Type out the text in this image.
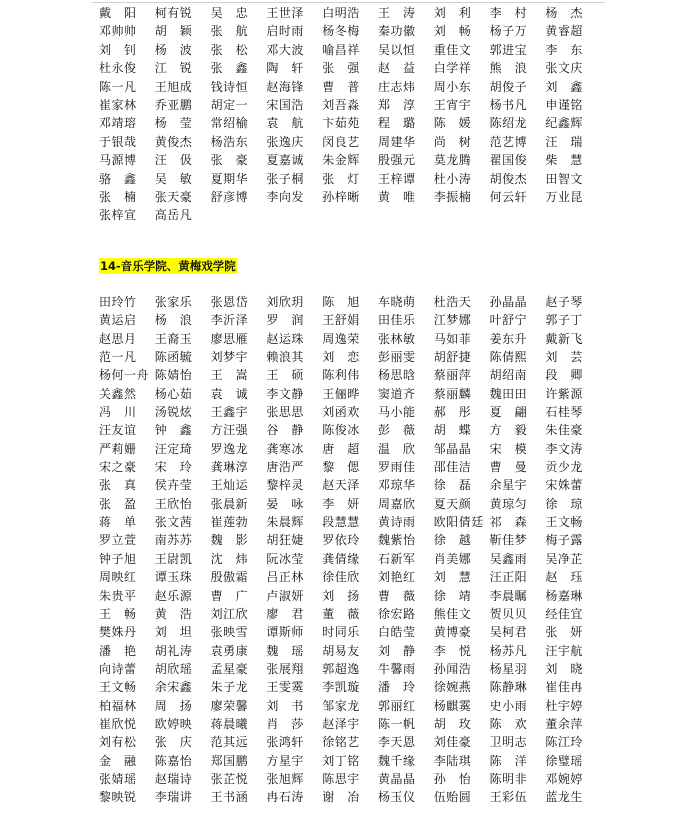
戴 阳	柯有锐	吴 忠	王世泽	白明浩	王 涛	刘 利	李 村	杨 杰
邓帅帅	胡 颖	张 航	启时雨	杨冬梅	秦功徽	刘 畅	杨子万	黄睿超
刘 钊	杨 波	张 松	邓大波	喻昌祥	吴以恒	重佳文	郭进宝	李 东
杜永俊	江 锐	张 鑫	陶 轩	张 强	赵 益	白学祥	熊 浪	张文庆
陈一凡	王旭成	钱诗恒	赵海锋	曹 普	庄志炜	周小东	胡俊子	刘 鑫
崔家林	乔亚鹏	胡定一	宋国浩	刘吾淼	郑 淳	王宵宇	杨书凡	申谨铭
邓靖瑢	杨 莹	常绍榆	袁 航	卞茹苑	程 璐	陈 媛	陈绍龙	纪鑫辉
于银哉	黄俊杰	杨浩东	张逸庆	闵良艺	周建华	尚 树	范艺博	汪 瑞
马源博	汪 伋	张 豪	夏嘉诚	朱金辉	殷强元	莫龙腾	翟国俊	柴 慧
骆 鑫	吴 敏	夏期华	张子桐	张 灯	王梓谭	杜小涛	胡俊杰	田智文
张 楠	张天豪	舒彦博	李向发	孙梓晰	黄 唯	李振楠	何云轩	万业昆
张梓宣	高岳凡
14-音乐学院、黄梅戏学院
田玲竹	张家乐	张恩岱	刘欣玥	陈 旭	车晓萌	杜浩天	孙晶晶	赵子琴
黄运启	杨 浪	李沂泽	罗 润	王舒娟	田佳乐	江梦娜	叶舒宁	郭子丁
赵思月	王裔玉	廖思雁	赵运珠	周逸荣	张林敏	马如菲	姜东升	戴新飞
范一凡	陈函毓	刘梦宇	赖浪其	刘 恋	彭丽雯	胡舒捷	陈倩熙	刘 芸
杨何一舟 陈婧怡	王 嵩	王 硕	陈利伟	杨思晗	蔡丽萍	胡绍南	段 卿
关鑫然	杨心茹	袁 诚	李文静	王俪晔	窦道齐	蔡丽麟	魏田田	许紫源
冯 川	汤锐炫	王鑫宇	张思思	刘函欢	马小能	郝 彤	夏 翩	石桂琴
汪友谊	钟 鑫	方汪强	谷 静	陈俊冰	彭 薇	胡 蝶	方 毅	朱佳豪
严莉姗	汪定琦	罗逸龙	龚寒冰	唐 超	温 欣	邹晶晶	宋 模	李文涛
宋之豪	宋 玲	龚琳淳	唐浩严	黎 偲	罗雨佳	邵佳洁	曹 曼	贡少龙
张 真	侯卉莹	王灿运	黎梓灵	赵天泽	邓琼华	徐 磊	余星宇	宋姝蕾
张 盈	王欣怡	张晨新	晏 咏	李 妍	周嘉欣	夏天颜	黄琼匀	徐 琼
蒋 单	张文茜	崔莲勃	朱晨辉	段慧慧	黄诗雨	欧阳倩廷 祁 森	王文畅
罗立萱	南苏苏	魏 影	胡狂婕	罗依玲	魏紫怡	徐 越	靳佳梦	梅子露
钟子旭	王尉凯	沈 炜	阮冰莹	龚倩缘	石新军	肖美娜	吴鑫雨	吴净芷
周映红	谭玉珠	殷傲霜	吕正林	徐佳欣	刘艳红	刘 慧	汪正阳	赵 珏
朱贵平	赵乐源	曹 广	卢淑妍	刘 扬	曹 薇	徐 靖	李晨瞩	杨嘉琳
王 畅	黄 浩	刘江欣	廖 君	董 薇	徐宏路	熊佳文	贺贝贝	经佳宜
樊姝丹	刘 坦	张映雪	谭斯师	时同乐	白皓莹	黄博豪	吴柯君	张 妍
潘 艳	胡礼涛	袁勇康	魏 瑶	胡易友	刘 静	李 悦	杨苏凡	汪宇航
向诗蕾	胡欣瑶	孟星豪	张展翔	郭超逸	牛馨雨	孙闻浩	杨星羽	刘 晓
王文畅	余宋鑫	朱子龙	王雯霙	李凯璇	潘 玲	徐婉燕	陈静琳	崔佳冉
柏福林	周 扬	廖荣馨	刘 书	邹家龙	郭丽红	杨麒霙	史小雨	杜宇婷
崔欣悦	欧婷映	蒋晨曦	肖 莎	赵泽宇	陈一帆	胡 玫	陈 欢	董余萍
刘有松	张 庆	范其远	张鸿轩	徐铭艺	李天恩	刘佳豪	卫明志	陈江玲
金 融	陈嘉怡	郑国鹏	方星宇	刘丁铭	魏千缘	李陆琪	陈 洋	徐璧瑶
张婧瑶	赵瑞诗	张芷悦	张旭辉	陈思宇	黄晶晶	孙 怡	陈明非	邓婉婷
黎映锐	李瑞讲	王书涵	冉石涛	谢 冶	杨玉仪	伍贻圆	王彩伍	蓝龙生
